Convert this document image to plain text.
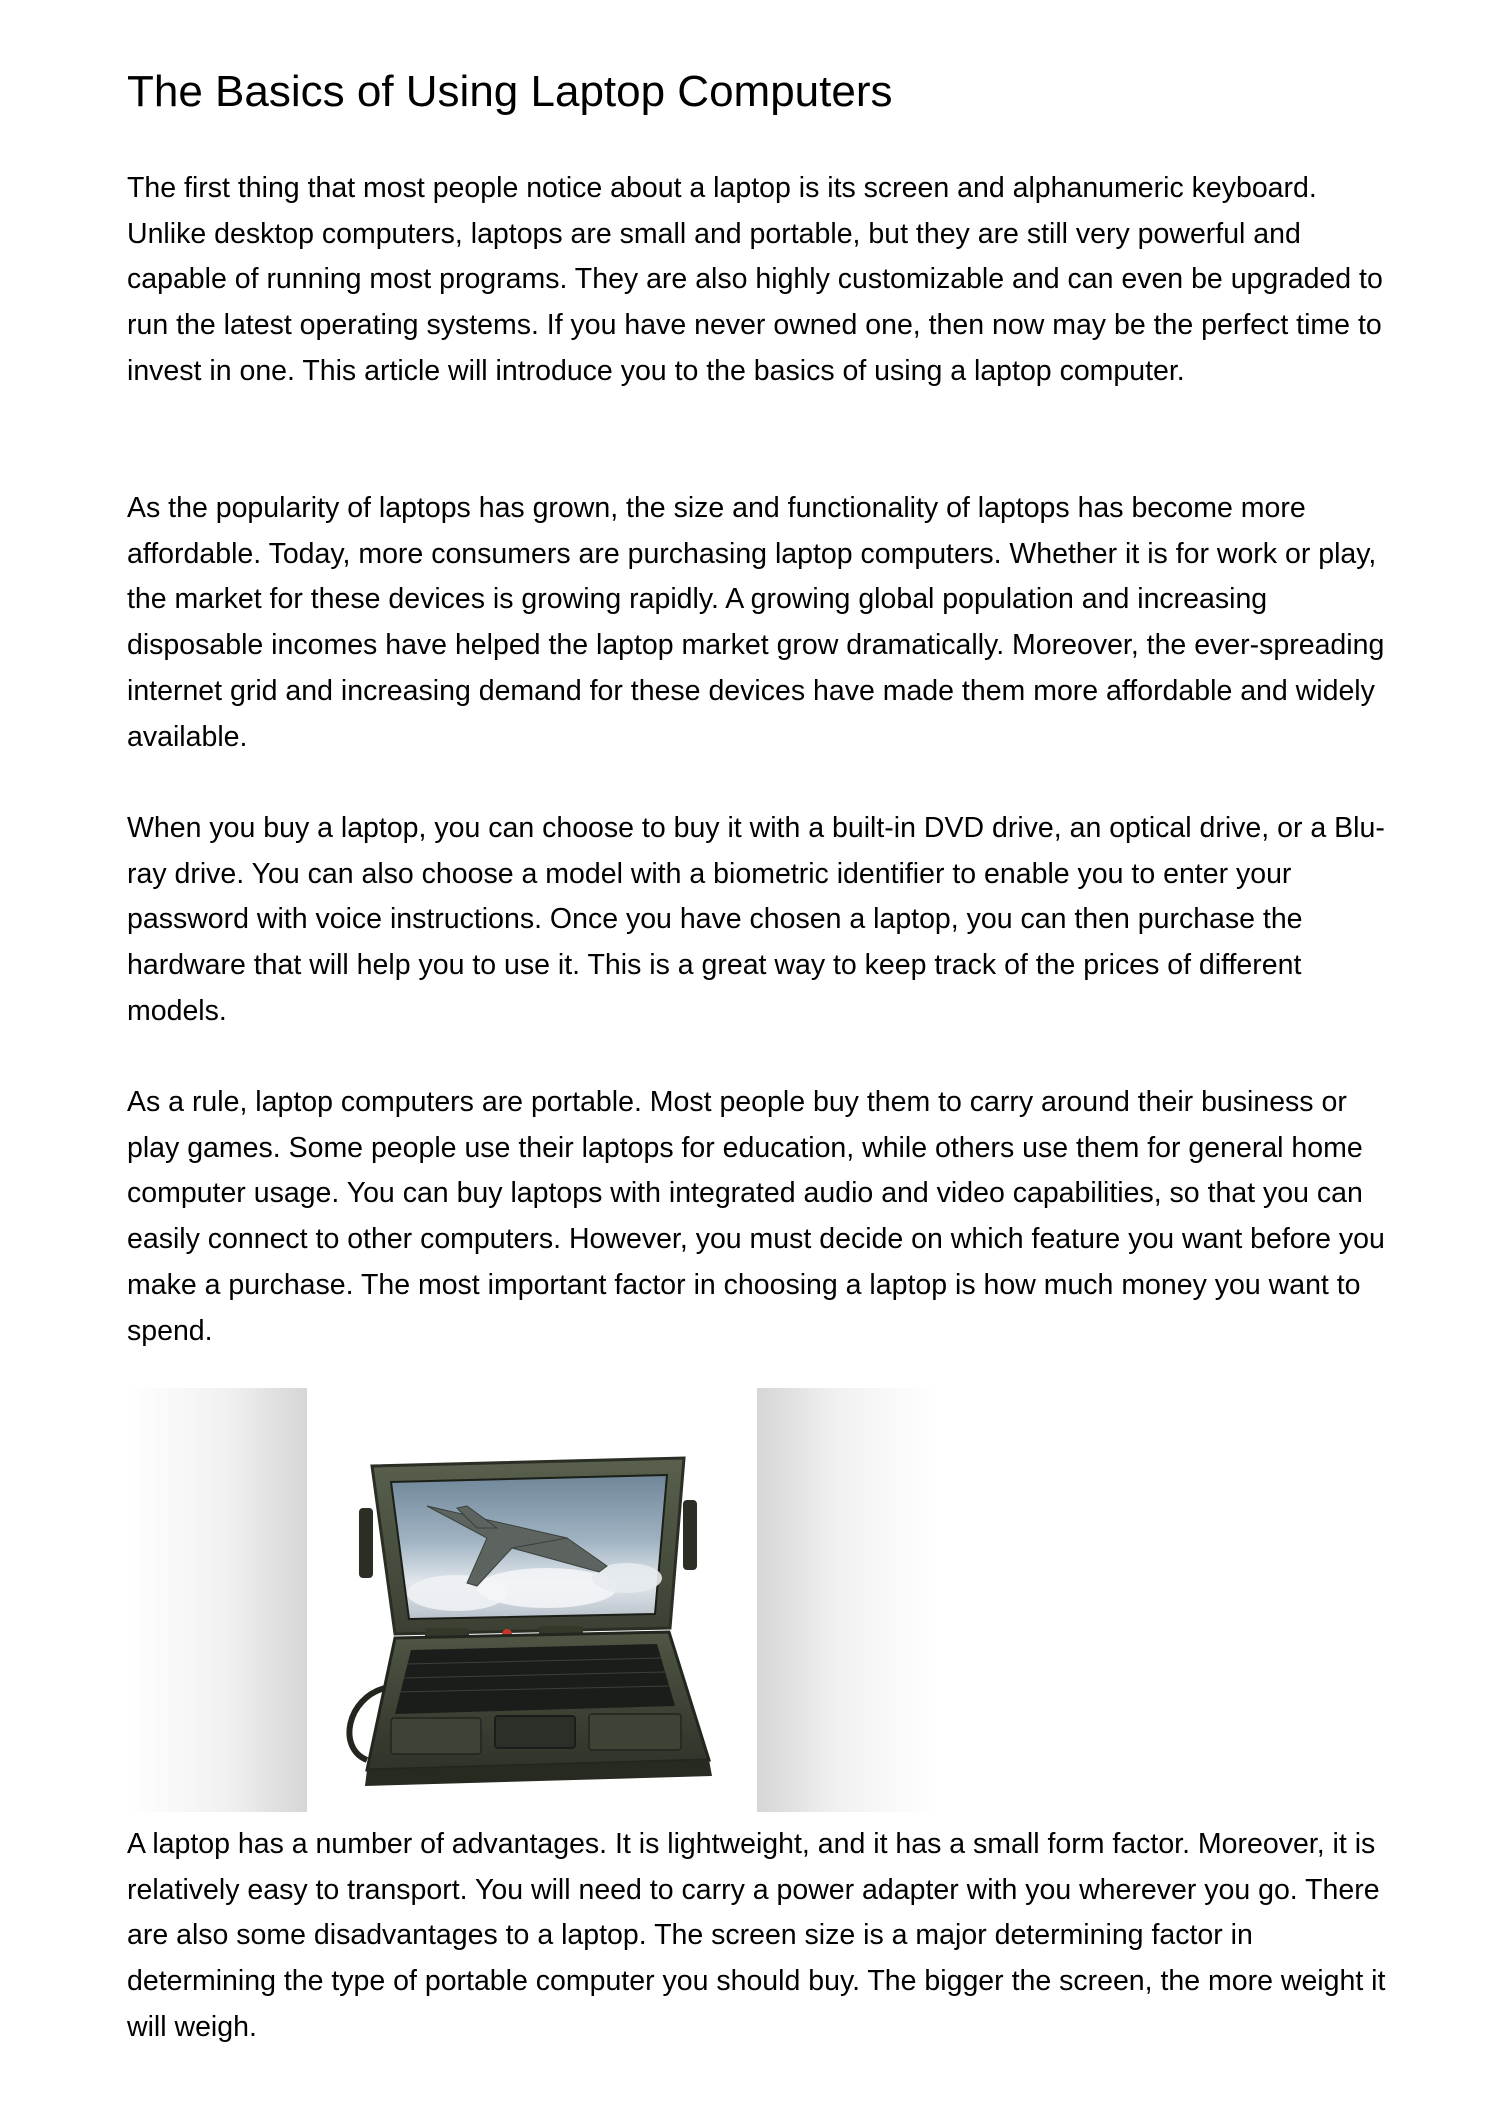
The Basics of Using Laptop Computers

The first thing that most people notice about a laptop is its screen and alphanumeric keyboard. Unlike desktop computers, laptops are small and portable, but they are still very powerful and capable of running most programs. They are also highly customizable and can even be upgraded to run the latest operating systems. If you have never owned one, then now may be the perfect time to invest in one. This article will introduce you to the basics of using a laptop computer.

As the popularity of laptops has grown, the size and functionality of laptops has become more affordable. Today, more consumers are purchasing laptop computers. Whether it is for work or play, the market for these devices is growing rapidly. A growing global population and increasing disposable incomes have helped the laptop market grow dramatically. Moreover, the ever-spreading internet grid and increasing demand for these devices have made them more affordable and widely available.

When you buy a laptop, you can choose to buy it with a built-in DVD drive, an optical drive, or a Blu-ray drive. You can also choose a model with a biometric identifier to enable you to enter your password with voice instructions. Once you have chosen a laptop, you can then purchase the hardware that will help you to use it. This is a great way to keep track of the prices of different models.

As a rule, laptop computers are portable. Most people buy them to carry around their business or play games. Some people use their laptops for education, while others use them for general home computer usage. You can buy laptops with integrated audio and video capabilities, so that you can easily connect to other computers. However, you must decide on which feature you want before you make a purchase. The most important factor in choosing a laptop is how much money you want to spend.

A laptop has a number of advantages. It is lightweight, and it has a small form factor. Moreover, it is relatively easy to transport. You will need to carry a power adapter with you wherever you go. There are also some disadvantages to a laptop. The screen size is a major determining factor in determining the type of portable computer you should buy. The bigger the screen, the more weight it will weigh.
